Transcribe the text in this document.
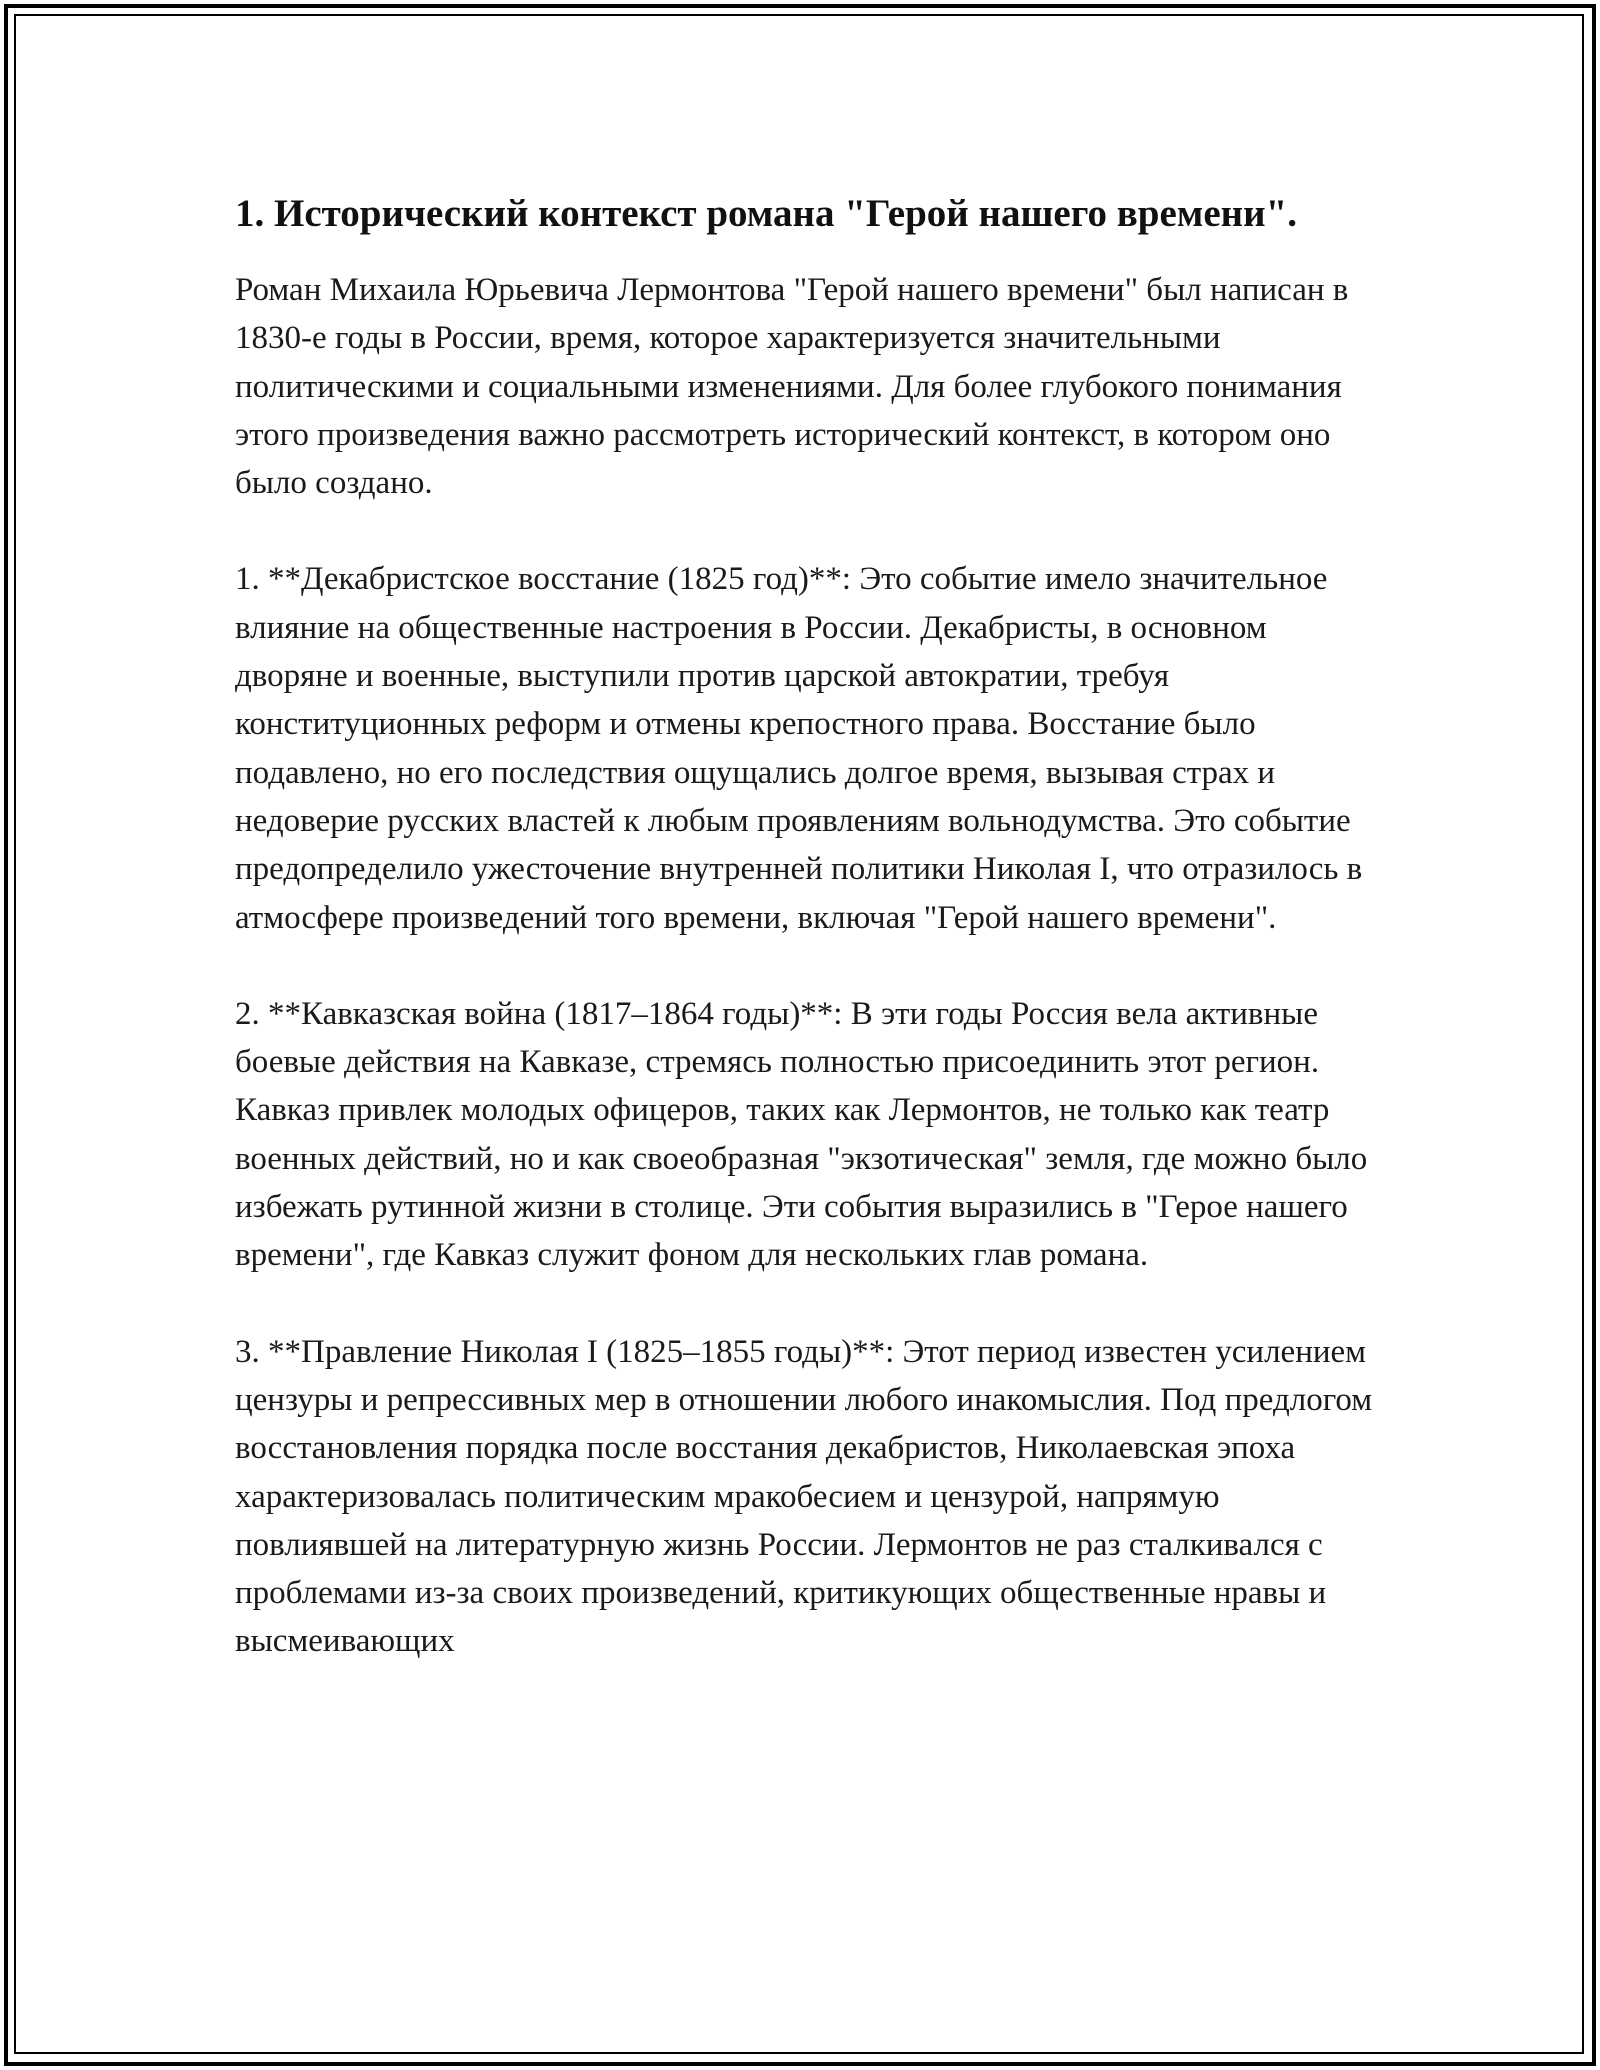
1. Исторический контекст романа "Герой нашего времени".

Роман Михаила Юрьевича Лермонтова "Герой нашего времени" был написан в 1830-е годы в России, время, которое характеризуется значительными политическими и социальными изменениями. Для более глубокого понимания этого произведения важно рассмотреть исторический контекст, в котором оно было создано.

1. **Декабристское восстание (1825 год)**: Это событие имело значительное влияние на общественные настроения в России. Декабристы, в основном дворяне и военные, выступили против царской автократии, требуя конституционных реформ и отмены крепостного права. Восстание было подавлено, но его последствия ощущались долгое время, вызывая страх и недоверие русских властей к любым проявлениям вольнодумства. Это событие предопределило ужесточение внутренней политики Николая I, что отразилось в атмосфере произведений того времени, включая "Герой нашего времени".

2. **Кавказская война (1817–1864 годы)**: В эти годы Россия вела активные боевые действия на Кавказе, стремясь полностью присоединить этот регион. Кавказ привлек молодых офицеров, таких как Лермонтов, не только как театр военных действий, но и как своеобразная "экзотическая" земля, где можно было избежать рутинной жизни в столице. Эти события выразились в "Герое нашего времени", где Кавказ служит фоном для нескольких глав романа.

3. **Правление Николая I (1825–1855 годы)**: Этот период известен усилением цензуры и репрессивных мер в отношении любого инакомыслия. Под предлогом восстановления порядка после восстания декабристов, Николаевская эпоха характеризовалась политическим мракобесием и цензурой, напрямую повлиявшей на литературную жизнь России. Лермонтов не раз сталкивался с проблемами из-за своих произведений, критикующих общественные нравы и высмеивающих
